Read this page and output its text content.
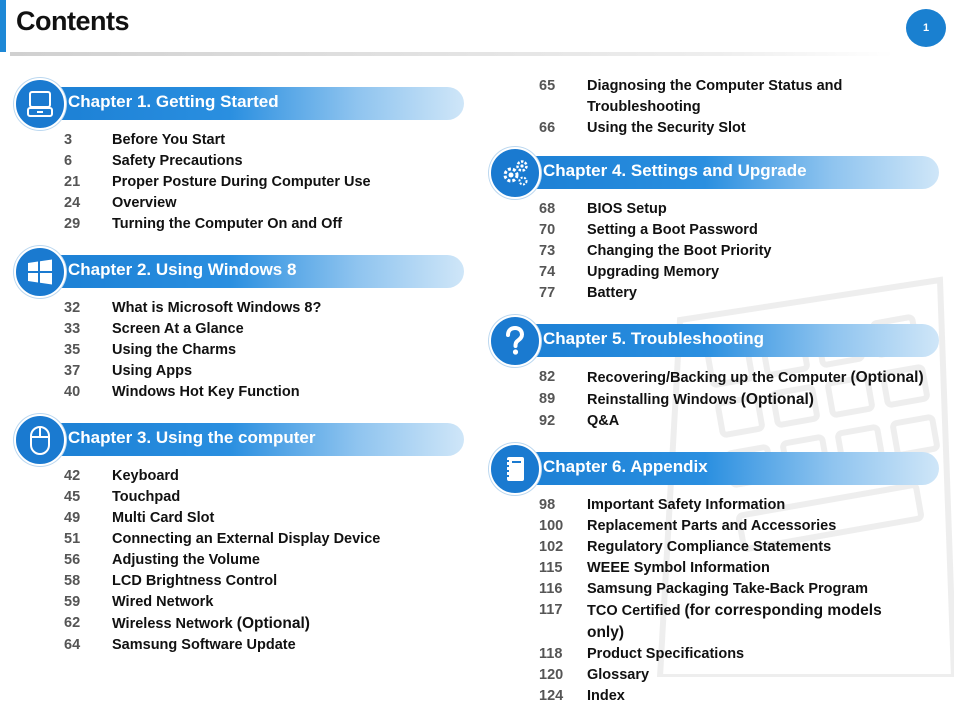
Contents	1
Chapter 1. Getting Started
3	Before You Start
6	Safety Precautions
21	Proper Posture During Computer Use
24	Overview
29	Turning the Computer On and Off
Chapter 2. Using Windows 8
32	What is Microsoft Windows 8?
33	Screen At a Glance
35	Using the Charms
37	Using Apps
40	Windows Hot Key Function
Chapter 3. Using the computer
42	Keyboard
45	Touchpad
49	Multi Card Slot
51	Connecting an External Display Device
56	Adjusting the Volume
58	LCD Brightness Control
59	Wired Network
62	Wireless Network (Optional)
64	Samsung Software Update
65	Diagnosing the Computer Status and Troubleshooting
66	Using the Security Slot
Chapter 4. Settings and Upgrade
68	BIOS Setup
70	Setting a Boot Password
73	Changing the Boot Priority
74	Upgrading Memory
77	Battery
Chapter 5. Troubleshooting
82	Recovering/Backing up the Computer (Optional)
89	Reinstalling Windows (Optional)
92	Q&A
Chapter 6. Appendix
98	Important Safety Information
100	Replacement Parts and Accessories
102	Regulatory Compliance Statements
115	WEEE Symbol Information
116	Samsung Packaging Take-Back Program
117	TCO Certified (for corresponding models only)
118	Product Specifications
120	Glossary
124	Index
